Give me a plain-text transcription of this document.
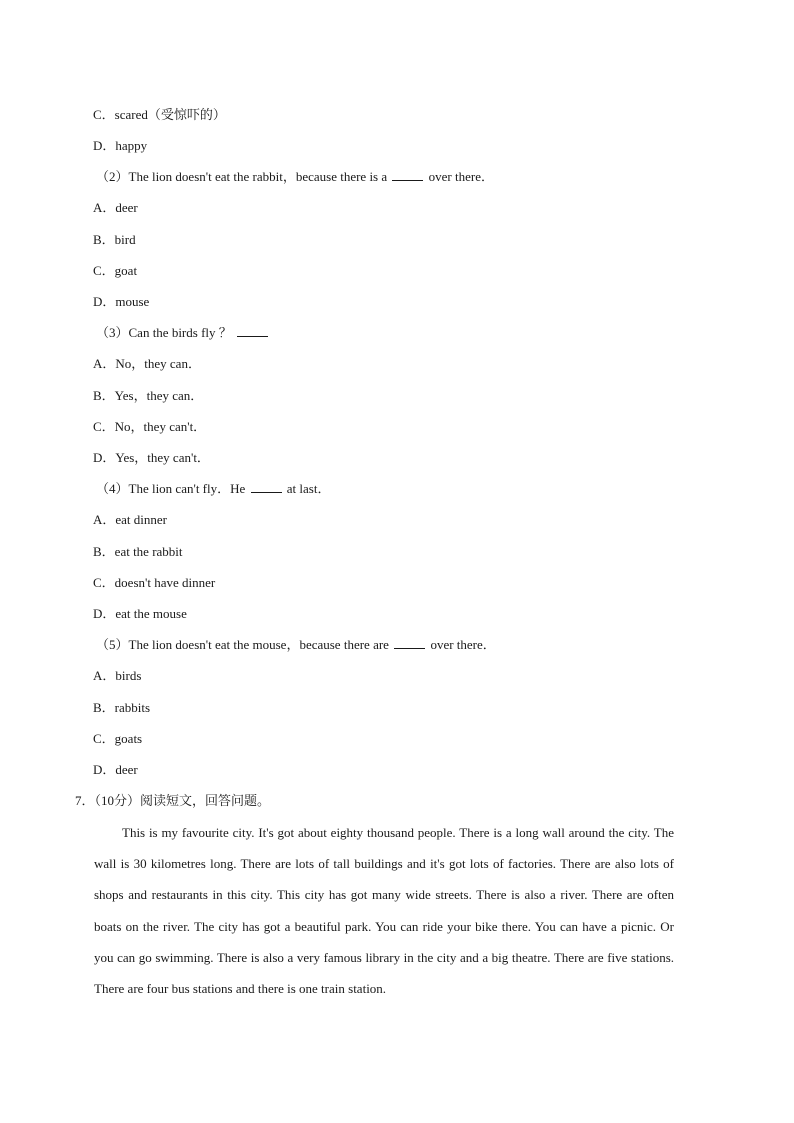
C．scared（受惊吓的）
D．happy
（2）The lion doesn't eat the rabbit，because there is a	over there．
A．deer
B．bird
C．goat
D．mouse
（3）Can the birds fly ？
A．No，they can．
B．Yes，they can．
C．No，they can't．
D．Yes，they can't．
（4）The lion can't fly．He	at last．
A．eat dinner
B．eat the rabbit
C．doesn't have dinner
D．eat the mouse
（5）The lion doesn't eat the mouse，because there are	over there．
A．birds
B．rabbits
C．goats
D．deer
7．（10分）阅读短文，回答问题。
This is my favourite city. It's got about eighty thousand people. There is a long wall around the city. The wall is 30 kilometres long. There are lots of tall buildings and it's got lots of factories. There are also lots of shops and restaurants in this city. This city has got many wide streets. There is also a river. There are often boats on the river. The city has got a beautiful park. You can ride your bike there. You can have a picnic. Or you can go swimming. There is also a very famous library in the city and a big theatre. There are five stations. There are four bus stations and there is one train station.
